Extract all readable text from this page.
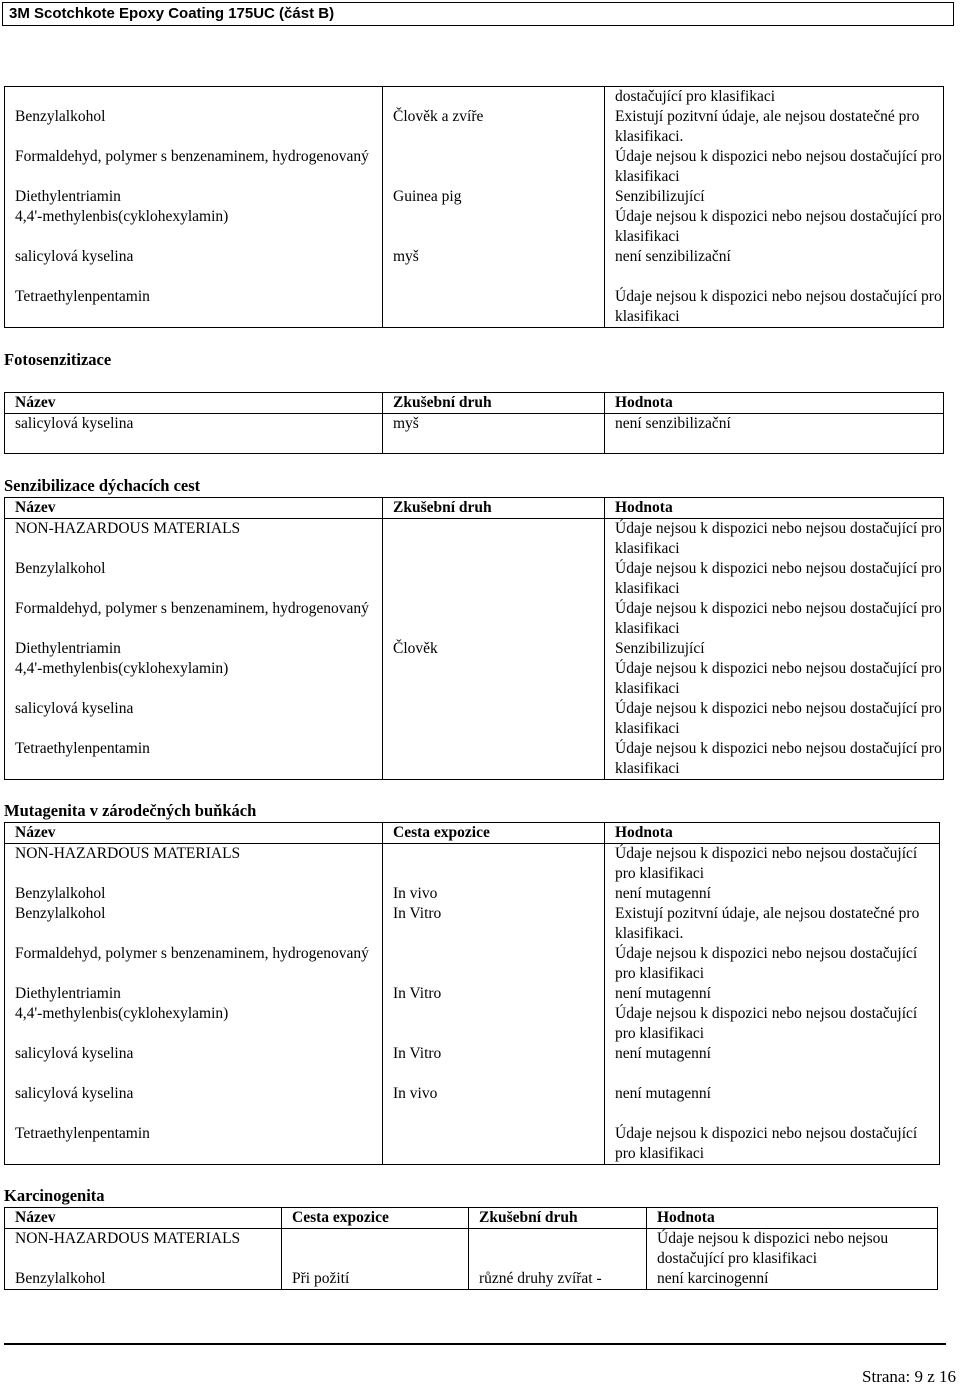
3M Scotchkote Epoxy Coating 175UC (část B)
		dostačující pro klasifikaci
Benzylalkohol	Člověk a zvíře	Existují pozitvní údaje, ale nejsou dostatečné pro klasifikaci.
Formaldehyd, polymer s benzenaminem, hydrogenovaný		Údaje nejsou k dispozici nebo nejsou dostačující pro klasifikaci
Diethylentriamin	Guinea pig	Senzibilizující
4,4'-methylenbis(cyklohexylamin)		Údaje nejsou k dispozici nebo nejsou dostačující pro klasifikaci
salicylová kyselina	myš	není senzibilizační
Tetraethylenpentamin		Údaje nejsou k dispozici nebo nejsou dostačující pro klasifikaci
Fotosenzitizace
Název	Zkušební druh	Hodnota
salicylová kyselina	myš	není senzibilizační
Senzibilizace dýchacích cest
Název	Zkušební druh	Hodnota
NON-HAZARDOUS MATERIALS		Údaje nejsou k dispozici nebo nejsou dostačující pro klasifikaci
Benzylalkohol		Údaje nejsou k dispozici nebo nejsou dostačující pro klasifikaci
Formaldehyd, polymer s benzenaminem, hydrogenovaný		Údaje nejsou k dispozici nebo nejsou dostačující pro klasifikaci
Diethylentriamin	Člověk	Senzibilizující
4,4'-methylenbis(cyklohexylamin)		Údaje nejsou k dispozici nebo nejsou dostačující pro klasifikaci
salicylová kyselina		Údaje nejsou k dispozici nebo nejsou dostačující pro klasifikaci
Tetraethylenpentamin		Údaje nejsou k dispozici nebo nejsou dostačující pro klasifikaci
Mutagenita v zárodečných buňkách
Název	Cesta expozice	Hodnota
NON-HAZARDOUS MATERIALS		Údaje nejsou k dispozici nebo nejsou dostačující pro klasifikaci
Benzylalkohol	In vivo	není mutagenní
Benzylalkohol	In Vitro	Existují pozitvní údaje, ale nejsou dostatečné pro klasifikaci.
Formaldehyd, polymer s benzenaminem, hydrogenovaný		Údaje nejsou k dispozici nebo nejsou dostačující pro klasifikaci
Diethylentriamin	In Vitro	není mutagenní
4,4'-methylenbis(cyklohexylamin)		Údaje nejsou k dispozici nebo nejsou dostačující pro klasifikaci
salicylová kyselina	In Vitro	není mutagenní
salicylová kyselina	In vivo	není mutagenní
Tetraethylenpentamin		Údaje nejsou k dispozici nebo nejsou dostačující pro klasifikaci
Karcinogenita
Název	Cesta expozice	Zkušební druh	Hodnota
NON-HAZARDOUS MATERIALS			Údaje nejsou k dispozici nebo nejsou dostačující pro klasifikaci
Benzylalkohol	Při požití	různé druhy zvířat -	není karcinogenní
Strana: 9 z 16
